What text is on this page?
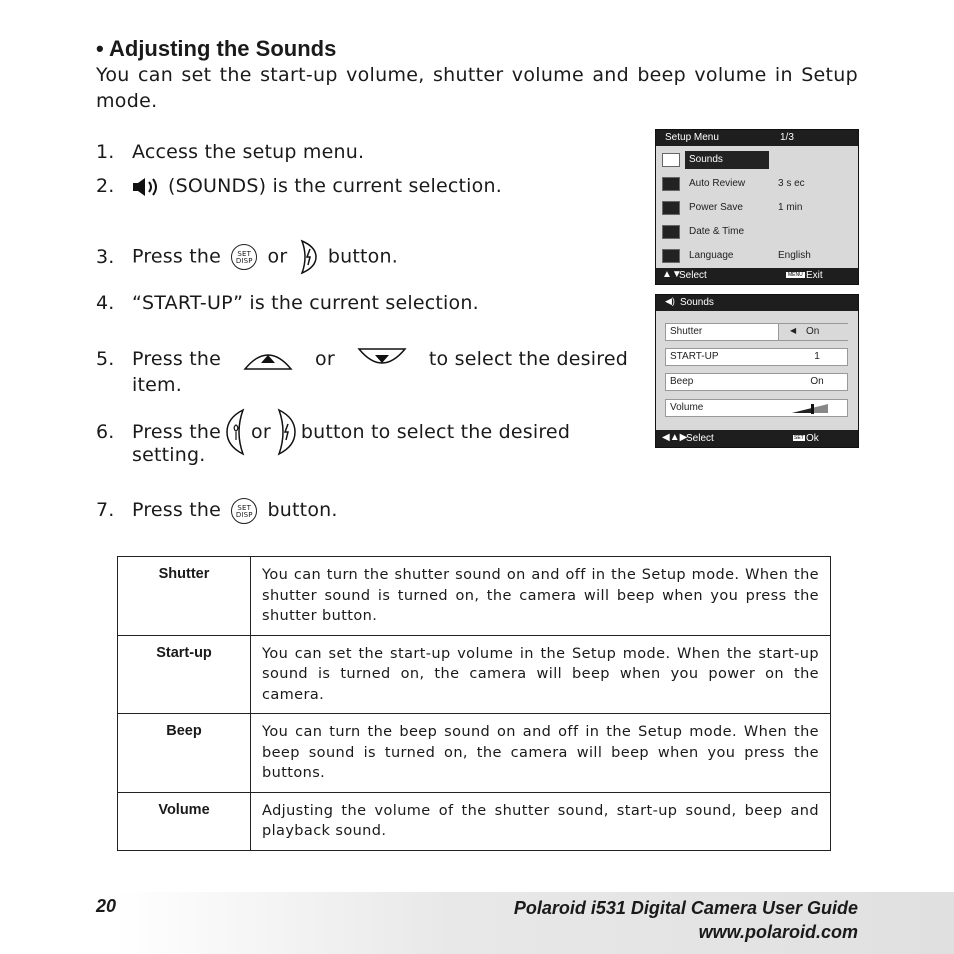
• Adjusting the Sounds
You can set the start-up volume, shutter volume and beep volume in Setup mode.
1. Access the setup menu.
2.	(SOUNDS) is the current selection.
3. Press the	SET
DISP or button.
4. “START-UP” is the current selection.
5. Press the	or	to select the desired
item.
6. Press the or button to select the desired
setting.
7. Press the	SET
DISP button.
Setup Menu	1/3
Sounds
Auto Review	3 s ec
Power Save	1 min
Date & Time
Language	English
▲▼
Select	MENU Exit
◀) Sounds
Shutter	◀ On
START-UP	1
Beep	On
Volume
◀▲▶
Select	SET Ok
Shutter	You can turn the shutter sound on and off in the Setup mode. When the shutter sound is turned on, the camera will beep when you press the shutter button.
Start-up	You can set the start-up volume in the Setup mode. When the start-up sound is turned on, the camera will beep when you power on the camera.
Beep	You can turn the beep sound on and off in the Setup mode. When the beep sound is turned on, the camera will beep when you press the buttons.
Volume	Adjusting the volume of the shutter sound, start-up sound, beep and playback sound.
20	Polaroid i531 Digital Camera User Guide
www.polaroid.com
